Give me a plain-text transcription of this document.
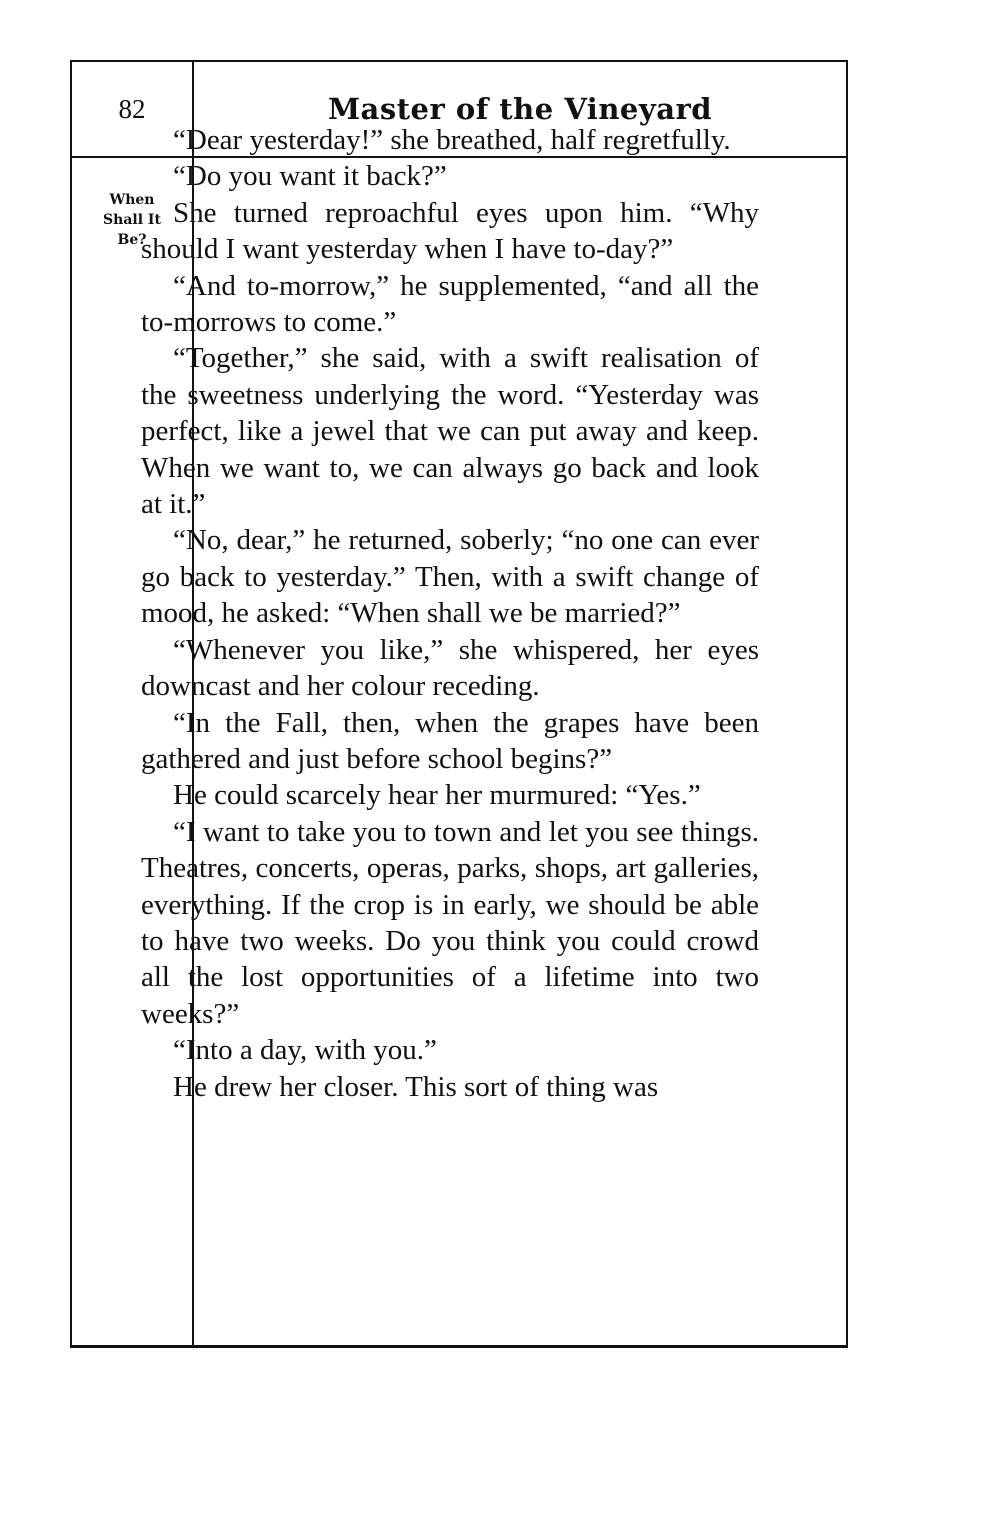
82	Master of the Vineyard
When
Shall It
Be?

“Dear yesterday!” she breathed, half regretfully.

“Do you want it back?”

She turned reproachful eyes upon him. “Why should I want yesterday when I have to-day?”

“And to-morrow,” he supplemented, “and all the to-morrows to come.”

“Together,” she said, with a swift realisation of the sweetness underlying the word. “Yesterday was perfect, like a jewel that we can put away and keep. When we want to, we can always go back and look at it.”

“No, dear,” he returned, soberly; “no one can ever go back to yesterday.” Then, with a swift change of mood, he asked: “When shall we be married?”

“Whenever you like,” she whispered, her eyes downcast and her colour receding.

“In the Fall, then, when the grapes have been gathered and just before school begins?”

He could scarcely hear her murmured: “Yes.”

“I want to take you to town and let you see things. Theatres, concerts, operas, parks, shops, art galleries, everything. If the crop is in early, we should be able to have two weeks. Do you think you could crowd all the lost opportunities of a lifetime into two weeks?”

“Into a day, with you.”

He drew her closer. This sort of thing was
